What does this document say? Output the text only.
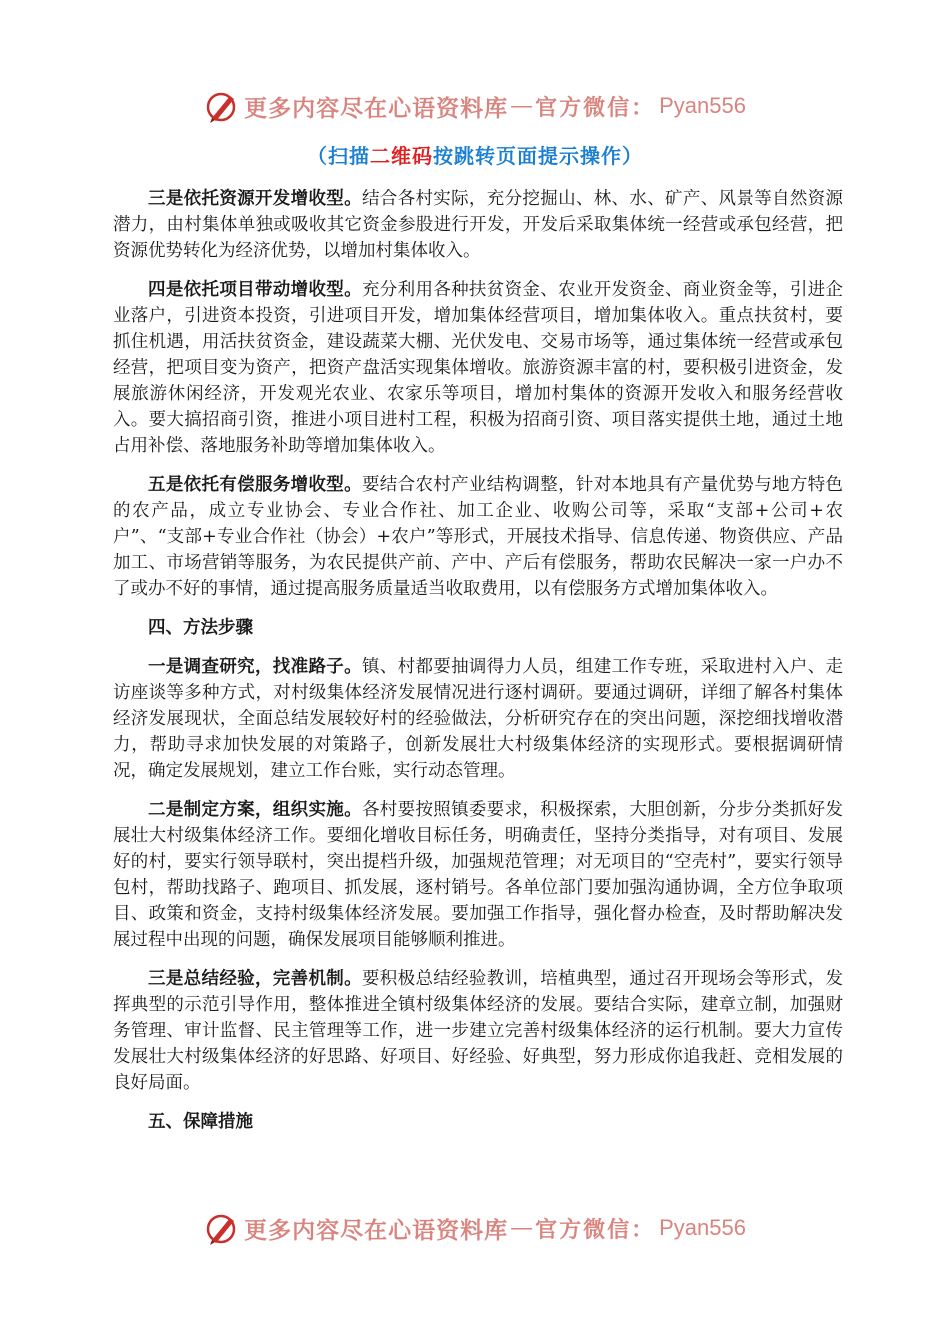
更多内容尽在心语资料库 — 官方微信： Pyan556
（扫描二维码按跳转页面提示操作）

三是依托资源开发增收型。结合各村实际，充分挖掘山、林、水、矿产、风景等自然资源潜力，由村集体单独或吸收其它资金参股进行开发，开发后采取集体统一经营或承包经营，把资源优势转化为经济优势，以增加村集体收入。

四是依托项目带动增收型。充分利用各种扶贫资金、农业开发资金、商业资金等，引进企业落户，引进资本投资，引进项目开发，增加集体经营项目，增加集体收入。重点扶贫村，要抓住机遇，用活扶贫资金，建设蔬菜大棚、光伏发电、交易市场等，通过集体统一经营或承包经营，把项目变为资产，把资产盘活实现集体增收。旅游资源丰富的村，要积极引进资金，发展旅游休闲经济，开发观光农业、农家乐等项目，增加村集体的资源开发收入和服务经营收入。要大搞招商引资，推进小项目进村工程，积极为招商引资、项目落实提供土地，通过土地占用补偿、落地服务补助等增加集体收入。

五是依托有偿服务增收型。要结合农村产业结构调整，针对本地具有产量优势与地方特色的农产品，成立专业协会、专业合作社、加工企业、收购公司等，采取“支部+公司+农户”、“支部+专业合作社（协会）+农户”等形式，开展技术指导、信息传递、物资供应、产品加工、市场营销等服务，为农民提供产前、产中、产后有偿服务，帮助农民解决一家一户办不了或办不好的事情，通过提高服务质量适当收取费用，以有偿服务方式增加集体收入。

四、方法步骤

一是调查研究，找准路子。镇、村都要抽调得力人员，组建工作专班，采取进村入户、走访座谈等多种方式，对村级集体经济发展情况进行逐村调研。要通过调研，详细了解各村集体经济发展现状，全面总结发展较好村的经验做法，分析研究存在的突出问题，深挖细找增收潜力，帮助寻求加快发展的对策路子，创新发展壮大村级集体经济的实现形式。要根据调研情况，确定发展规划，建立工作台账，实行动态管理。

二是制定方案，组织实施。各村要按照镇委要求，积极探索，大胆创新，分步分类抓好发展壮大村级集体经济工作。要细化增收目标任务，明确责任，坚持分类指导，对有项目、发展好的村，要实行领导联村，突出提档升级，加强规范管理；对无项目的“空壳村”，要实行领导包村，帮助找路子、跑项目、抓发展，逐村销号。各单位部门要加强沟通协调，全方位争取项目、政策和资金，支持村级集体经济发展。要加强工作指导，强化督办检查，及时帮助解决发展过程中出现的问题，确保发展项目能够顺利推进。

三是总结经验，完善机制。要积极总结经验教训，培植典型，通过召开现场会等形式，发挥典型的示范引导作用，整体推进全镇村级集体经济的发展。要结合实际，建章立制，加强财务管理、审计监督、民主管理等工作，进一步建立完善村级集体经济的运行机制。要大力宣传发展壮大村级集体经济的好思路、好项目、好经验、好典型，努力形成你追我赶、竞相发展的良好局面。

五、保障措施

更多内容尽在心语资料库 — 官方微信： Pyan556
